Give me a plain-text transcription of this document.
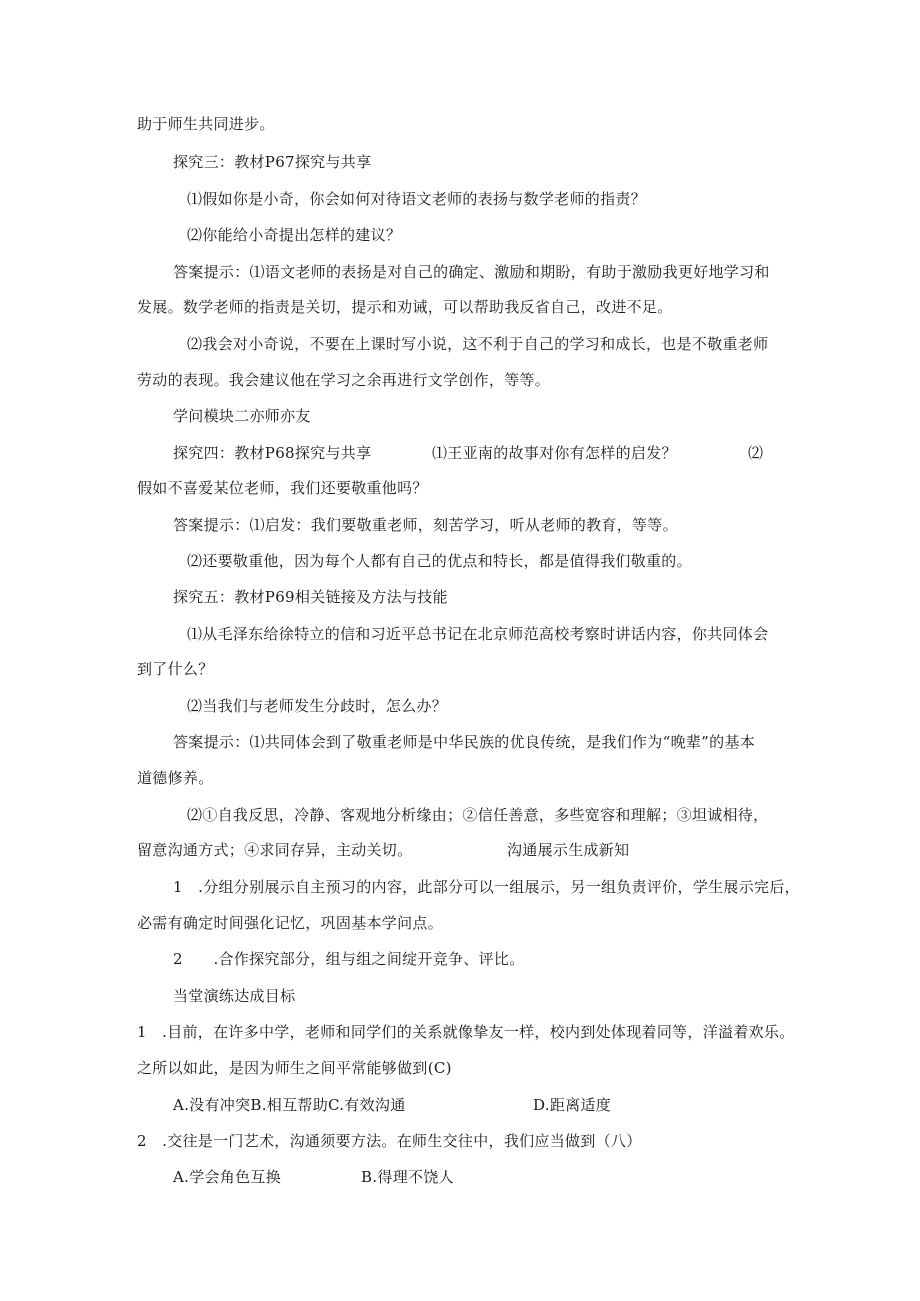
助于师生共同进步。
探究三：教材P67探究与共享
⑴假如你是小奇，你会如何对待语文老师的表扬与数学老师的指责？
⑵你能给小奇提出怎样的建议？
答案提示：⑴语文老师的表扬是对自己的确定、激励和期盼，有助于激励我更好地学习和
发展。数学老师的指责是关切，提示和劝诫，可以帮助我反省自己，改进不足。
⑵我会对小奇说，不要在上课时写小说，这不利于自己的学习和成长，也是不敬重老师
劳动的表现。我会建议他在学习之余再进行文学创作，等等。
学问模块二亦师亦友
探究四：教材P68探究与共享	⑴王亚南的故事对你有怎样的启发？	⑵
假如不喜爱某位老师，我们还要敬重他吗？
答案提示：⑴启发：我们要敬重老师，刻苦学习，听从老师的教育，等等。
⑵还要敬重他，因为每个人都有自己的优点和特长，都是值得我们敬重的。
探究五：教材P69相关链接及方法与技能
⑴从毛泽东给徐特立的信和习近平总书记在北京师范高校考察时讲话内容，你共同体会
到了什么？
⑵当我们与老师发生分歧时，怎么办？
答案提示：⑴共同体会到了敬重老师是中华民族的优良传统，是我们作为“晚辈”的基本
道德修养。
⑵①自我反思，冷静、客观地分析缘由；②信任善意，多些宽容和理解；③坦诚相待，
留意沟通方式；④求同存异，主动关切。	沟通展示生成新知
1　.分组分别展示自主预习的内容，此部分可以一组展示，另一组负责评价，学生展示完后，
必需有确定时间强化记忆，巩固基本学问点。
2　　.合作探究部分，组与组之间绽开竞争、评比。
当堂演练达成目标
1　.目前，在许多中学，老师和同学们的关系就像挚友一样，校内到处体现着同等，洋溢着欢乐。
之所以如此，是因为师生之间平常能够做到(C)
A.没有冲突B.相互帮助C.有效沟通	D.距离适度
2　.交往是一门艺术，沟通须要方法。在师生交往中，我们应当做到（八）
A.学会角色互换	B.得理不饶人
